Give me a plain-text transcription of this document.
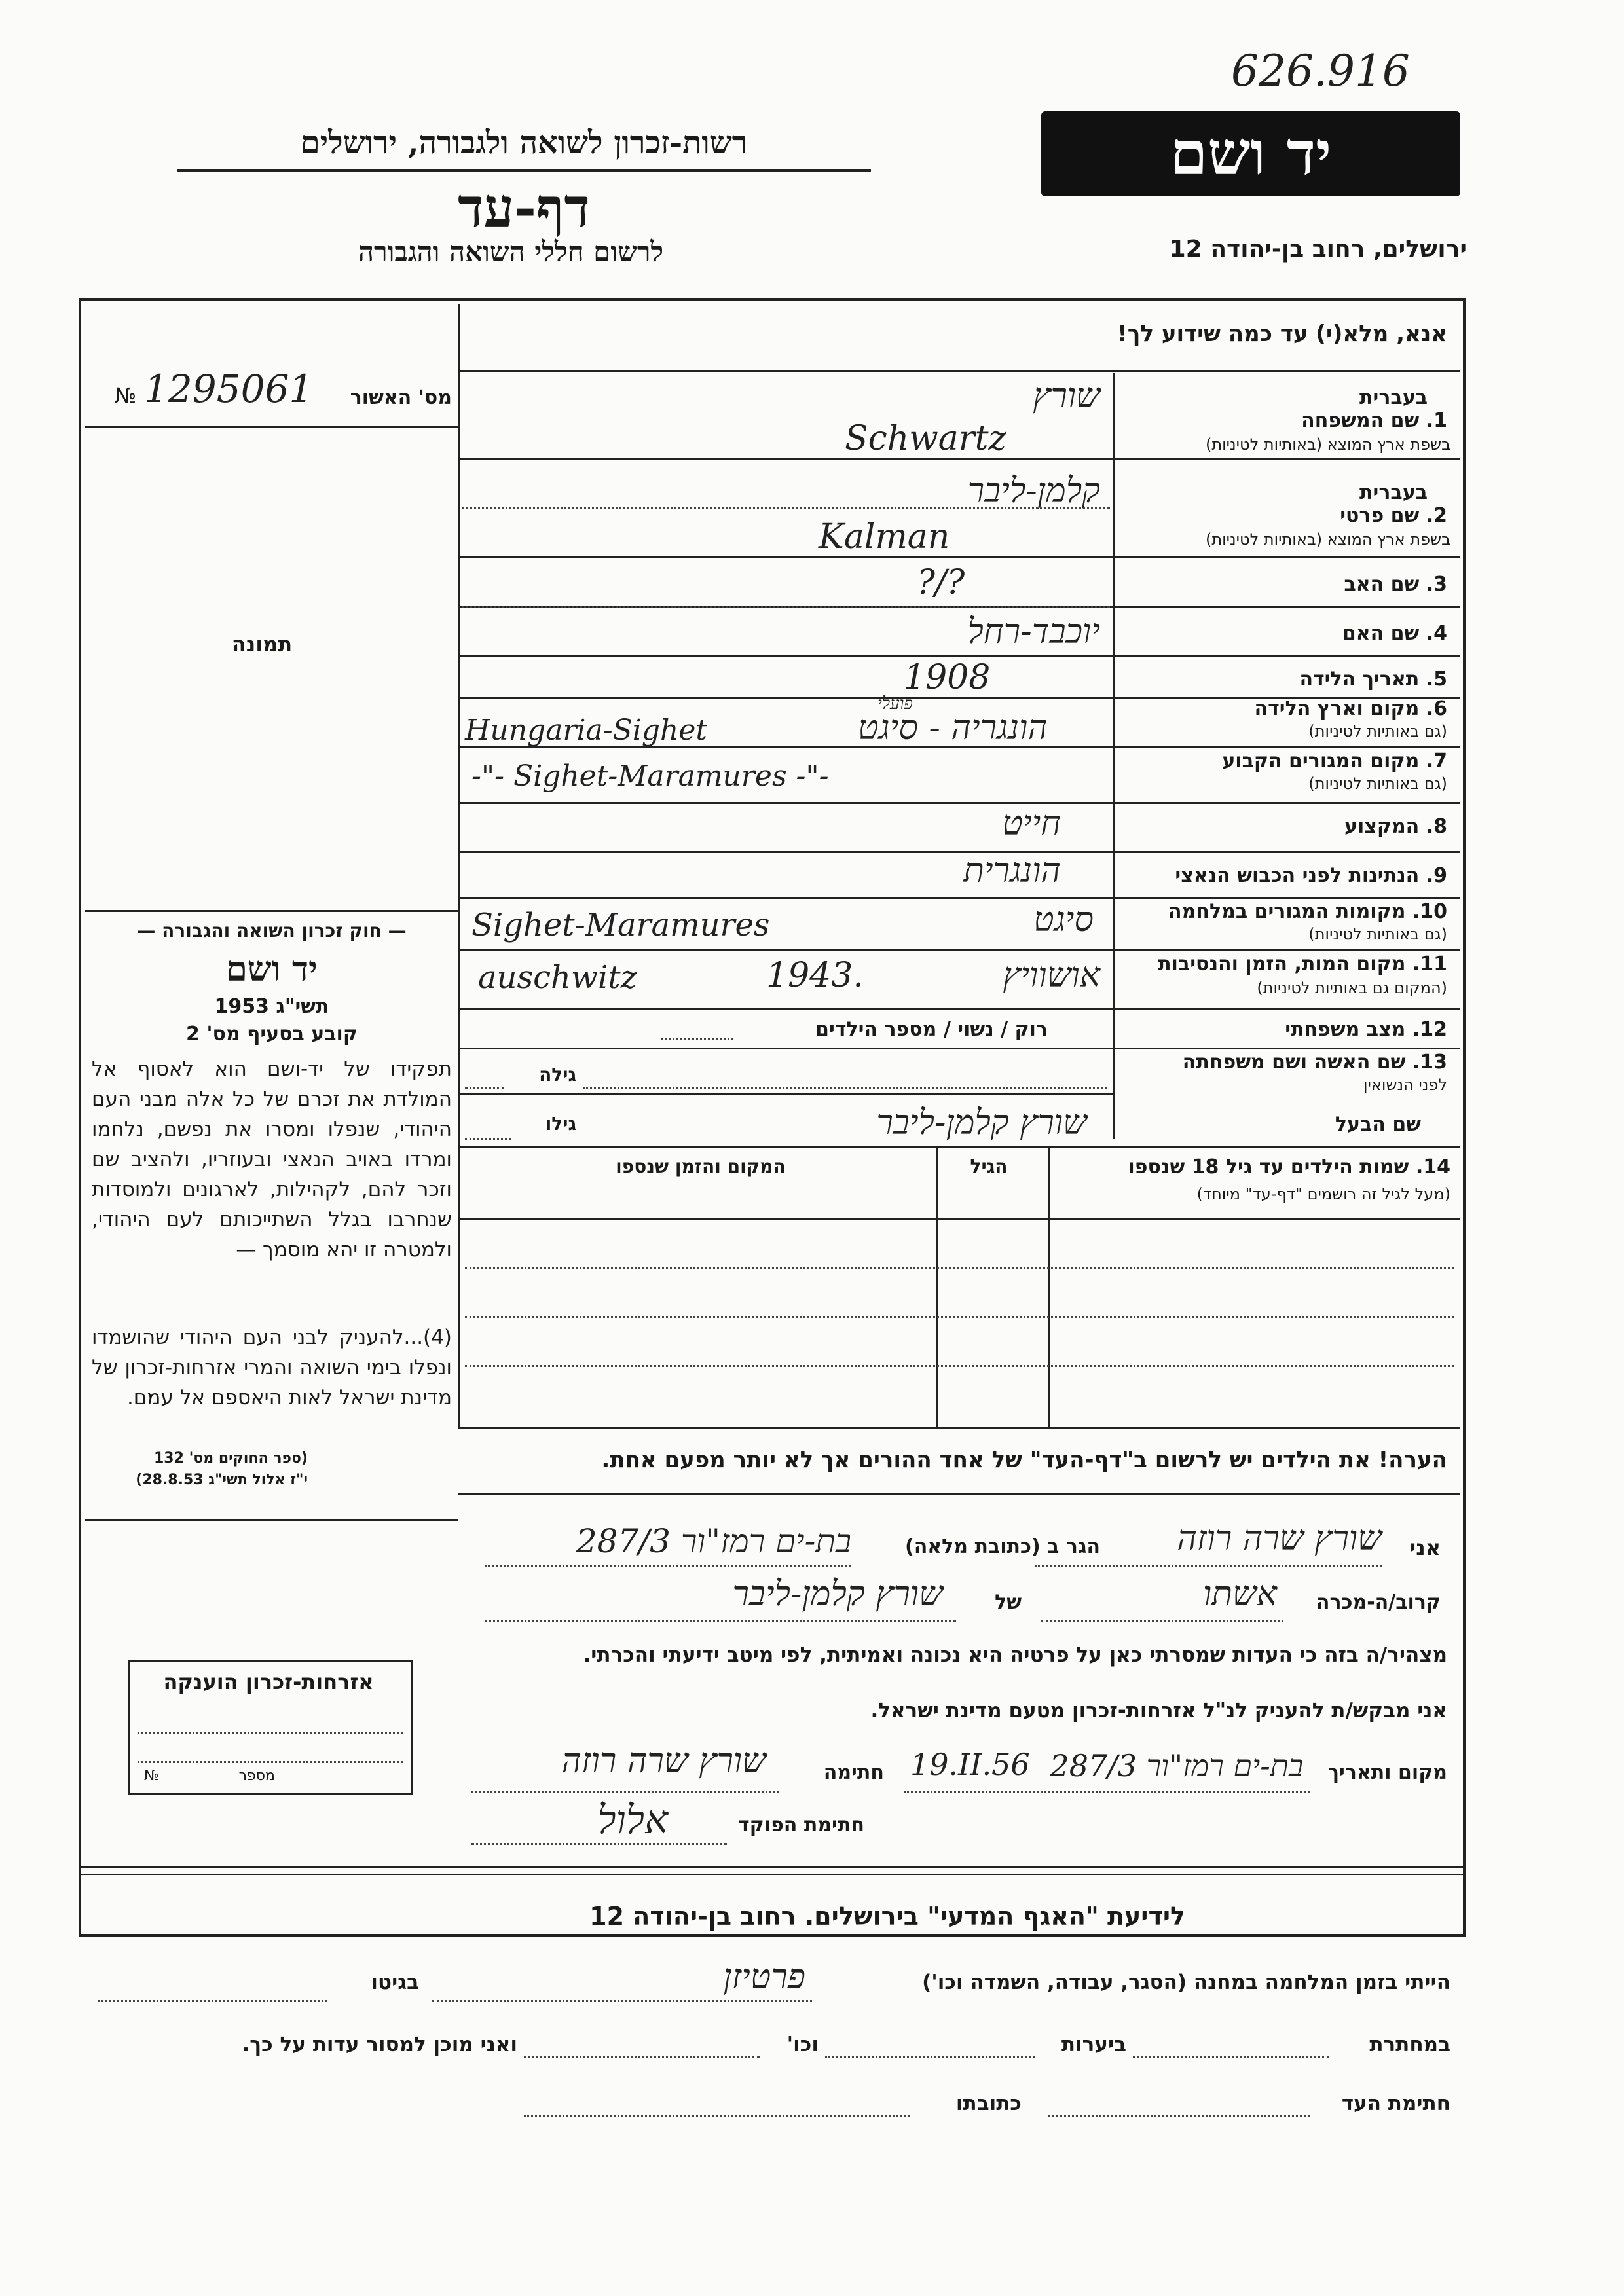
626.916
יד ושם
רשות-זכרון לשואה ולגבורה, ירושלים
דף-עד
לרשום חללי השואה והגבורה	ירושלים, רחוב בן-יהודה 12
אנא, מלא(י) עד כמה שידוע לך!
מס' האשור
№ 1295061
תמונה
— חוק זכרון השואה והגבורה —
יד ושם
תשי"ג 1953
קובע בסעיף מס' 2
תפקידו של יד-ושם הוא לאסוף אל המולדת את זכרם של כל אלה מבני העם היהודי, שנפלו ומסרו את נפשם, נלחמו ומרדו באויב הנאצי ובעוזריו, ולהציב שם וזכר להם, לקהילות, לארגונים ולמוסדות שנחרבו בגלל השתייכותם לעם היהודי, ולמטרה זו יהא מוסמך —
(4)...להעניק לבני העם היהודי שהושמדו ונפלו בימי השואה והמרי אזרחות-זכרון של מדינת ישראל לאות היאספם אל עמם.
(ספר החוקים מס' 132
י"ז אלול תשי"ג 28.8.53)
בעברית
1. שם המשפחה
בשפת ארץ המוצא (באותיות לטיניות)
שורץ
Schwartz
בעברית
2. שם פרטי
בשפת ארץ המוצא (באותיות לטיניות)
קלמן-ליבר
Kalman
3. שם האב
?/?
4. שם האם
יוכבד-רחל
5. תאריך הלידה
1908
6. מקום וארץ הלידה
(גם באותיות לטיניות)
Hungaria-Sighet	הונגריה - סיגט
פועלי
7. מקום המגורים הקבוע
(גם באותיות לטיניות)
-"- Sighet-Maramures -"-
8. המקצוע
חייט
9. הנתינות לפני הכבוש הנאצי
הונגרית
10. מקומות המגורים במלחמה
(גם באותיות לטיניות)
Sighet-Maramures	סיגט
11. מקום המות, הזמן והנסיבות
(המקום גם באותיות לטיניות)
auschwitz	1943.	אושוויץ
12. מצב משפחתי
רוק / נשוי / מספר הילדים
13. שם האשה ושם משפחתה
לפני הנשואין
גילה
שם הבעל
שורץ קלמן-ליבר
גילו
14. שמות הילדים עד גיל 18 שנספו
(מעל לגיל זה רושמים "דף-עד" מיוחד)
הגיל
המקום והזמן שנספו
הערה! את הילדים יש לרשום ב"דף-העד" של אחד ההורים אך לא יותר מפעם אחת.
אני
שורץ שרה רוזה
הגר ב (כתובת מלאה)
בת-ים רמז"ור 287/3
קרוב/ה-מכרה
אשתו
של
שורץ קלמן-ליבר
מצהיר/ה בזה כי העדות שמסרתי כאן על פרטיה היא נכונה ואמיתית, לפי מיטב ידיעתי והכרתי.
אני מבקש/ת להעניק לנ"ל אזרחות-זכרון מטעם מדינת ישראל.
אזרחות-זכרון הוענקה
מספר
№	מקום ותאריך
בת-ים רמז"ור 287/3
19.II.56
חתימה
שורץ שרה רוזה
חתימת הפוקד
אלול
לידיעת "האגף המדעי" בירושלים. רחוב בן-יהודה 12
הייתי בזמן המלחמה במחנה (הסגר, עבודה, השמדה וכו')
פרטיזן
בגיטו
במחתרת
ביערות
וכו'
ואני מוכן למסור עדות על כך.
חתימת העד
כתובתו
